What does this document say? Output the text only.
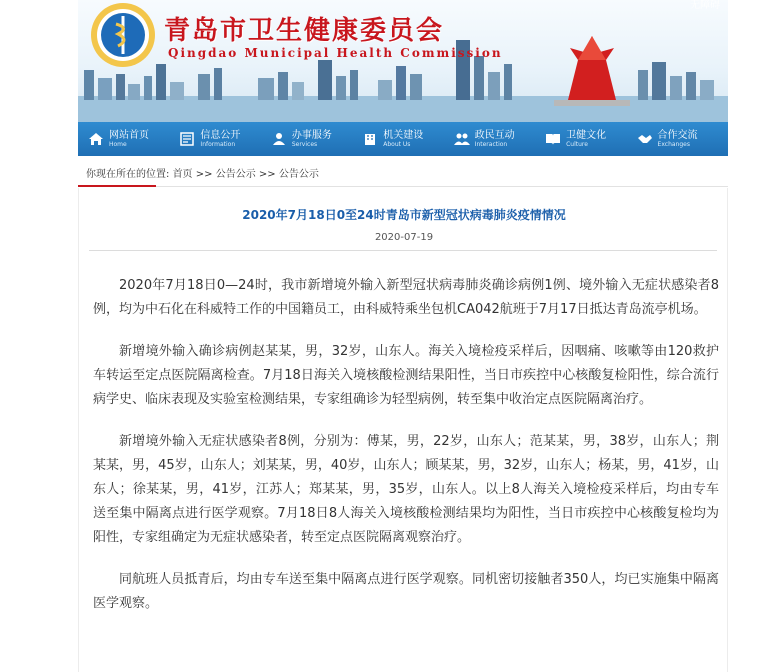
青岛市卫生健康委员会
Qingdao Municipal Health Commission
无障碍
网站首页
Home
信息公开
Information
办事服务
Services
机关建设
About Us
政民互动
Interaction
卫健文化
Culture
合作交流
Exchanges
你现在所在的位置: 首页 >> 公告公示 >> 公告公示
2020年7月18日0至24时青岛市新型冠状病毒肺炎疫情情况
2020-07-19

2020年7月18日0—24时，我市新增境外输入新型冠状病毒肺炎确诊病例1例、境外输入无症状感染者8例，均为中石化在科威特工作的中国籍员工，由科威特乘坐包机CA042航班于7月17日抵达青岛流亭机场。

新增境外输入确诊病例赵某某，男，32岁，山东人。海关入境检疫采样后，因咽痛、咳嗽等由120救护车转运至定点医院隔离检查。7月18日海关入境核酸检测结果阳性，当日市疾控中心核酸复检阳性，综合流行病学史、临床表现及实验室检测结果，专家组确诊为轻型病例，转至集中收治定点医院隔离治疗。

新增境外输入无症状感染者8例，分别为：傅某，男，22岁，山东人；范某某，男，38岁，山东人；荆某某，男，45岁，山东人；刘某某，男，40岁，山东人；顾某某，男，32岁，山东人；杨某，男，41岁，山东人；徐某某，男，41岁，江苏人；郑某某，男，35岁，山东人。以上8人海关入境检疫采样后，均由专车送至集中隔离点进行医学观察。7月18日8人海关入境核酸检测结果均为阳性，当日市疾控中心核酸复检均为阳性，专家组确定为无症状感染者，转至定点医院隔离观察治疗。

同航班人员抵青后，均由专车送至集中隔离点进行医学观察。同机密切接触者350人，均已实施集中隔离医学观察。
